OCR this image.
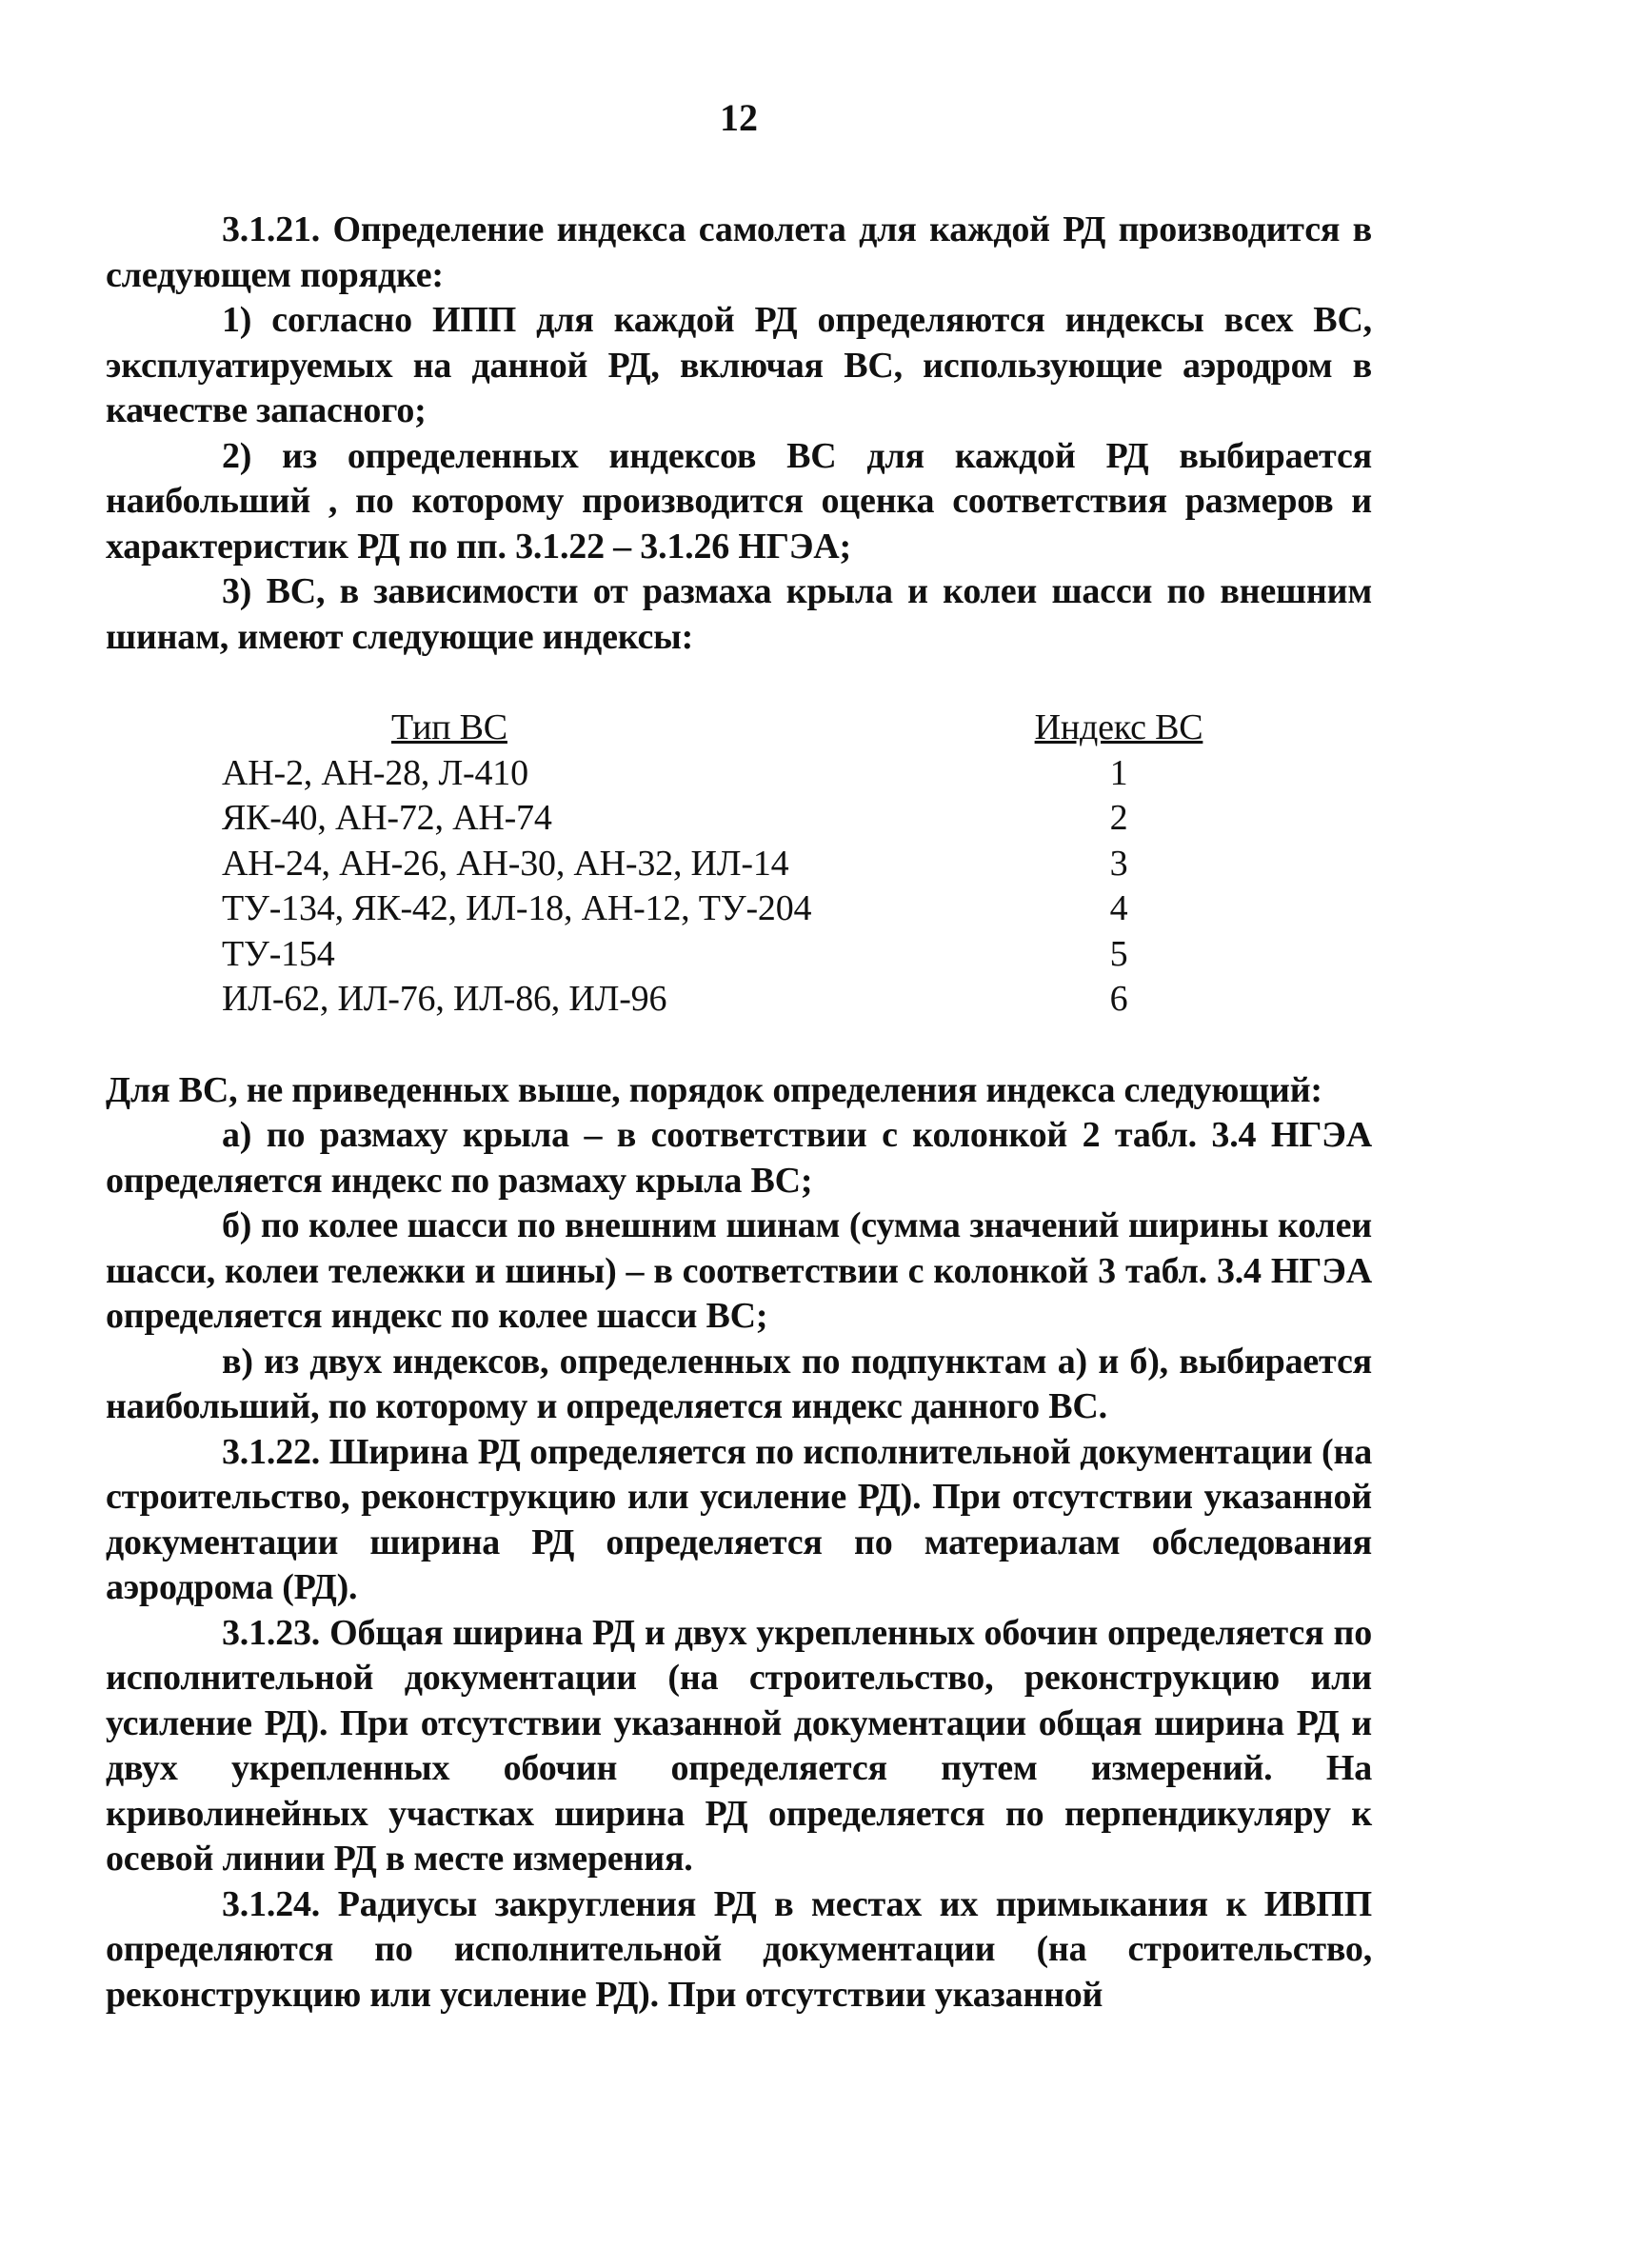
12

3.1.21. Определение индекса самолета для каждой РД производится в следующем порядке:

1) согласно ИПП для каждой РД определяются индексы всех ВС, эксплуатируемых на данной РД, включая ВС, использующие аэродром в качестве запасного;

2) из определенных индексов ВС для каждой РД выбирается наибольший , по которому производится оценка соответствия размеров и характеристик РД по пп. 3.1.22 – 3.1.26 НГЭА;

3) ВС, в зависимости от размаха крыла и колеи шасси по внешним шинам, имеют следующие индексы:

Тип ВС	Индекс ВС
АН-2, АН-28, Л-410	1
ЯК-40, АН-72, АН-74	2
АН-24, АН-26, АН-30, АН-32, ИЛ-14	3
ТУ-134, ЯК-42, ИЛ-18, АН-12, ТУ-204	4
ТУ-154	5
ИЛ-62, ИЛ-76, ИЛ-86, ИЛ-96	6

Для ВС, не приведенных выше, порядок определения индекса следующий:

а) по размаху крыла – в соответствии с колонкой 2 табл. 3.4 НГЭА определяется индекс по размаху крыла ВС;

б) по колее шасси по внешним шинам (сумма значений ширины колеи шасси, колеи тележки и шины) – в соответствии с колонкой 3 табл. 3.4 НГЭА определяется индекс по колее шасси ВС;

в) из двух индексов, определенных по подпунктам а) и б), выбирается наибольший, по которому и определяется индекс данного ВС.

3.1.22. Ширина РД определяется по исполнительной документации (на строительство, реконструкцию или усиление РД). При отсутствии указанной документации ширина РД определяется по материалам обследования аэродрома (РД).

3.1.23. Общая ширина РД и двух укрепленных обочин определяется по исполнительной документации (на строительство, реконструкцию или усиление РД). При отсутствии указанной документации общая ширина РД и двух укрепленных обочин определяется путем измерений. На криволинейных участках ширина РД определяется по перпендикуляру к осевой линии РД в месте измерения.

3.1.24. Радиусы закругления РД в местах их примыкания к ИВПП определяются по исполнительной документации (на строительство, реконструкцию или усиление РД). При отсутствии указанной
